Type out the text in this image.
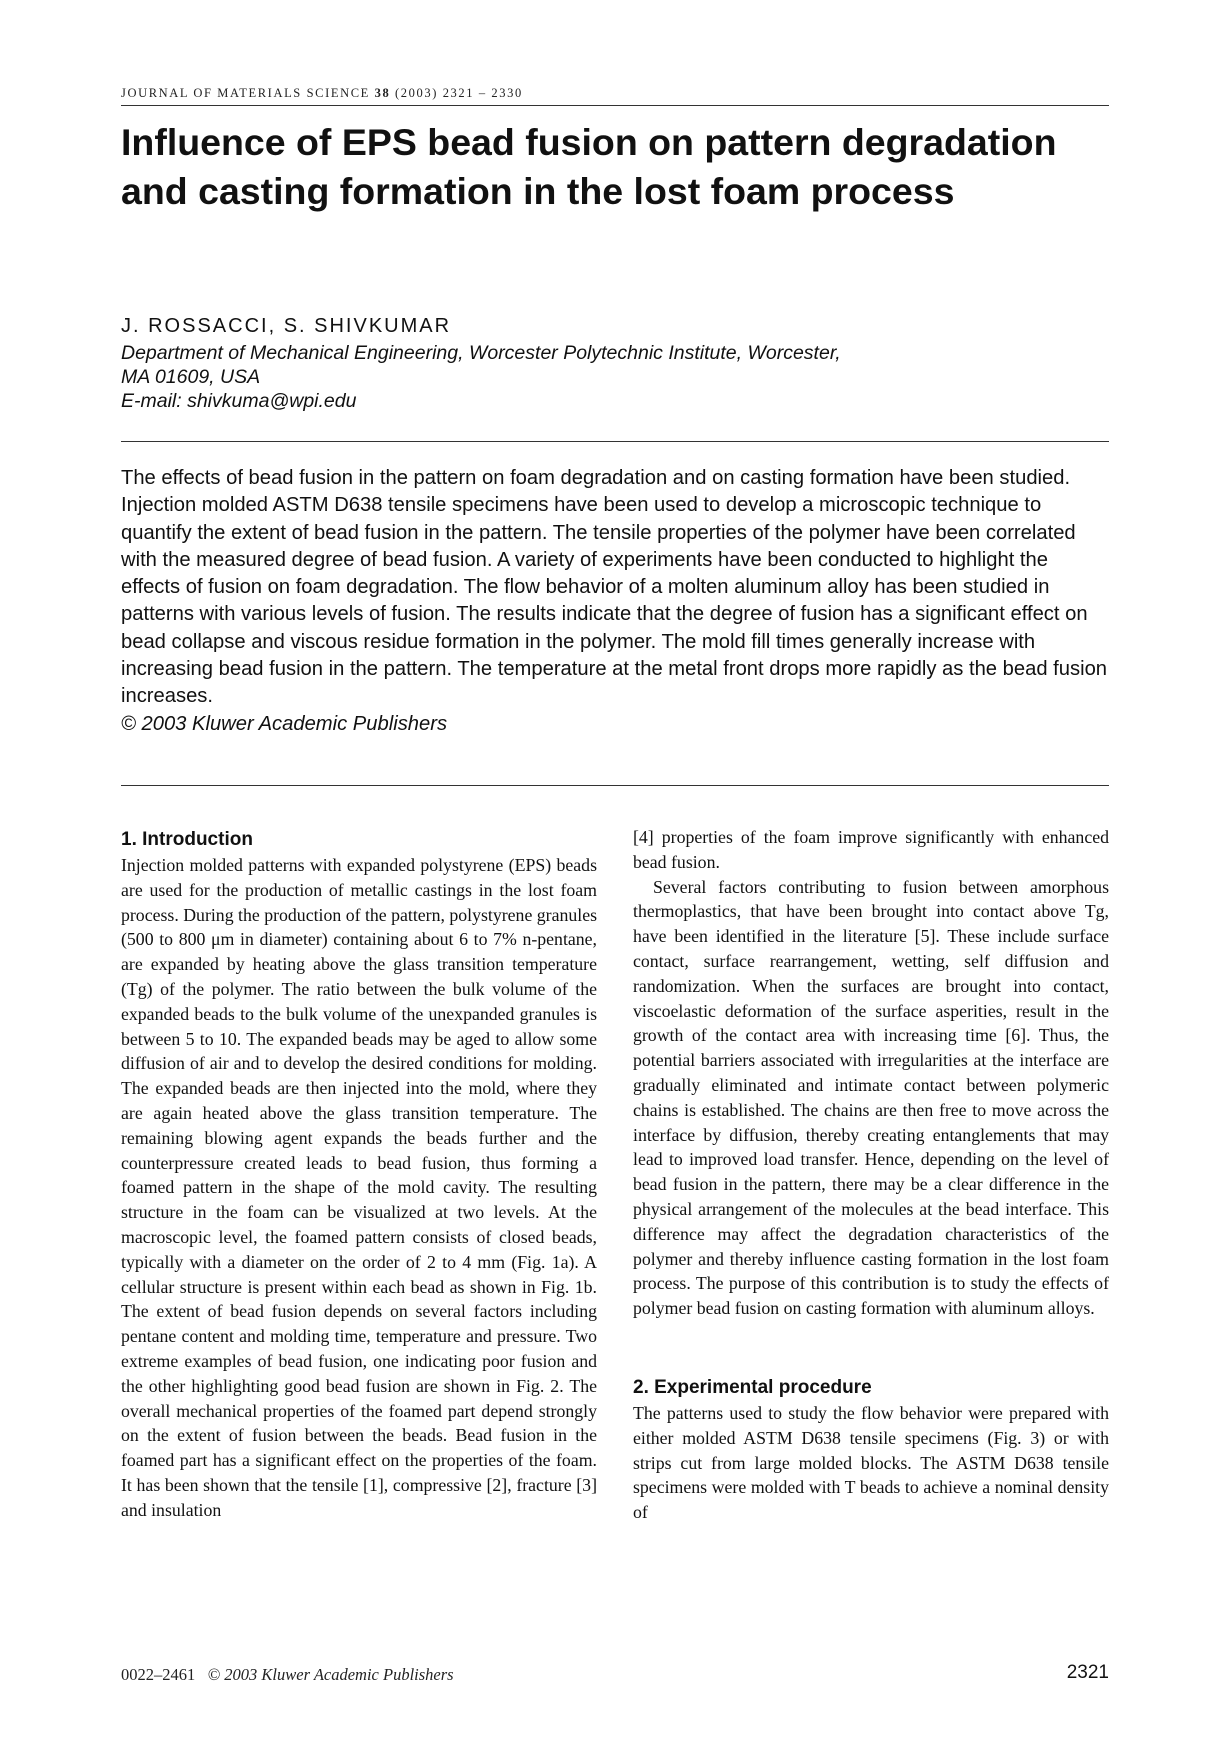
JOURNAL OF MATERIALS SCIENCE 38 (2003) 2321 – 2330
Influence of EPS bead fusion on pattern degradation and casting formation in the lost foam process
J. ROSSACCI, S. SHIVKUMAR
Department of Mechanical Engineering, Worcester Polytechnic Institute, Worcester,
MA 01609, USA
E-mail: shivkuma@wpi.edu
The effects of bead fusion in the pattern on foam degradation and on casting formation have been studied. Injection molded ASTM D638 tensile specimens have been used to develop a microscopic technique to quantify the extent of bead fusion in the pattern. The tensile properties of the polymer have been correlated with the measured degree of bead fusion. A variety of experiments have been conducted to highlight the effects of fusion on foam degradation. The flow behavior of a molten aluminum alloy has been studied in patterns with various levels of fusion. The results indicate that the degree of fusion has a significant effect on bead collapse and viscous residue formation in the polymer. The mold fill times generally increase with increasing bead fusion in the pattern. The temperature at the metal front drops more rapidly as the bead fusion increases.
© 2003 Kluwer Academic Publishers
1. Introduction

Injection molded patterns with expanded polystyrene (EPS) beads are used for the production of metallic castings in the lost foam process. During the production of the pattern, polystyrene granules (500 to 800 μm in diameter) containing about 6 to 7% n-pentane, are expanded by heating above the glass transition temperature (Tg) of the polymer. The ratio between the bulk volume of the expanded beads to the bulk volume of the unexpanded granules is between 5 to 10. The expanded beads may be aged to allow some diffusion of air and to develop the desired conditions for molding. The expanded beads are then injected into the mold, where they are again heated above the glass transition temperature. The remaining blowing agent expands the beads further and the counterpressure created leads to bead fusion, thus forming a foamed pattern in the shape of the mold cavity. The resulting structure in the foam can be visualized at two levels. At the macroscopic level, the foamed pattern consists of closed beads, typically with a diameter on the order of 2 to 4 mm (Fig. 1a). A cellular structure is present within each bead as shown in Fig. 1b. The extent of bead fusion depends on several factors including pentane content and molding time, temperature and pressure. Two extreme examples of bead fusion, one indicating poor fusion and the other highlighting good bead fusion are shown in Fig. 2. The overall mechanical properties of the foamed part depend strongly on the extent of fusion between the beads. Bead fusion in the foamed part has a significant effect on the properties of the foam. It has been shown that the tensile [1], compressive [2], fracture [3] and insulation

[4] properties of the foam improve significantly with enhanced bead fusion.

Several factors contributing to fusion between amorphous thermoplastics, that have been brought into contact above Tg, have been identified in the literature [5]. These include surface contact, surface rearrangement, wetting, self diffusion and randomization. When the surfaces are brought into contact, viscoelastic deformation of the surface asperities, result in the growth of the contact area with increasing time [6]. Thus, the potential barriers associated with irregularities at the interface are gradually eliminated and intimate contact between polymeric chains is established. The chains are then free to move across the interface by diffusion, thereby creating entanglements that may lead to improved load transfer. Hence, depending on the level of bead fusion in the pattern, there may be a clear difference in the physical arrangement of the molecules at the bead interface. This difference may affect the degradation characteristics of the polymer and thereby influence casting formation in the lost foam process. The purpose of this contribution is to study the effects of polymer bead fusion on casting formation with aluminum alloys.

2. Experimental procedure

The patterns used to study the flow behavior were prepared with either molded ASTM D638 tensile specimens (Fig. 3) or with strips cut from large molded blocks. The ASTM D638 tensile specimens were molded with T beads to achieve a nominal density of

0022–2461 © 2003 Kluwer Academic Publishers	2321
